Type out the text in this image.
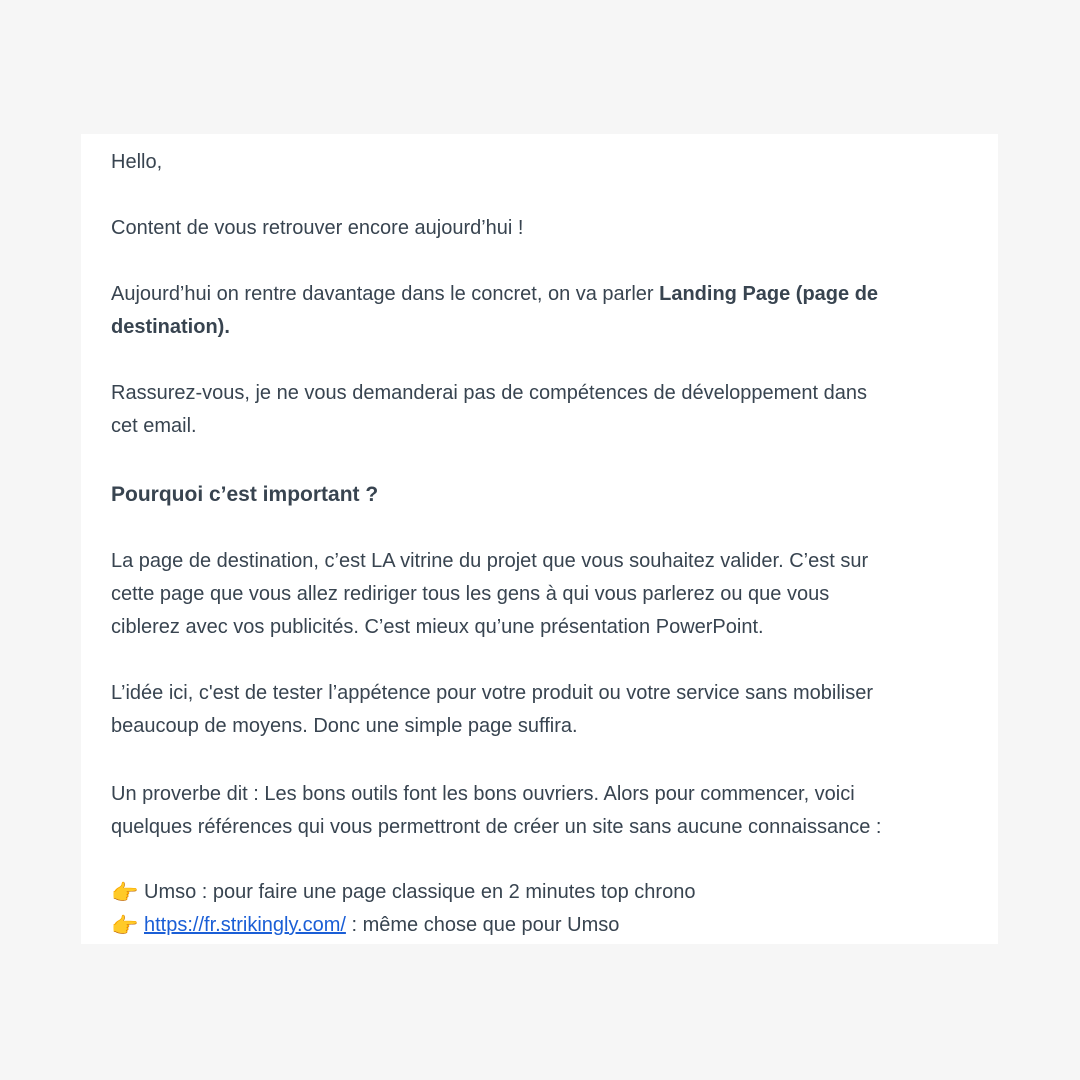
Hello,

Content de vous retrouver encore aujourd’hui !

Aujourd’hui on rentre davantage dans le concret, on va parler Landing Page (page de
destination).
Rassurez-vous, je ne vous demanderai pas de compétences de développement dans
cet email.
Pourquoi c’est important ?
La page de destination, c’est LA vitrine du projet que vous souhaitez valider. C’est sur
cette page que vous allez rediriger tous les gens à qui vous parlerez ou que vous
ciblerez avec vos publicités. C’est mieux qu’une présentation PowerPoint.
L’idée ici, c'est de tester l’appétence pour votre produit ou votre service sans mobiliser
beaucoup de moyens. Donc une simple page suffira.
Un proverbe dit : Les bons outils font les bons ouvriers. Alors pour commencer, voici
quelques références qui vous permettront de créer un site sans aucune connaissance :
👉 Umso : pour faire une page classique en 2 minutes top chrono
👉 https://fr.strikingly.com/ : même chose que pour Umso
